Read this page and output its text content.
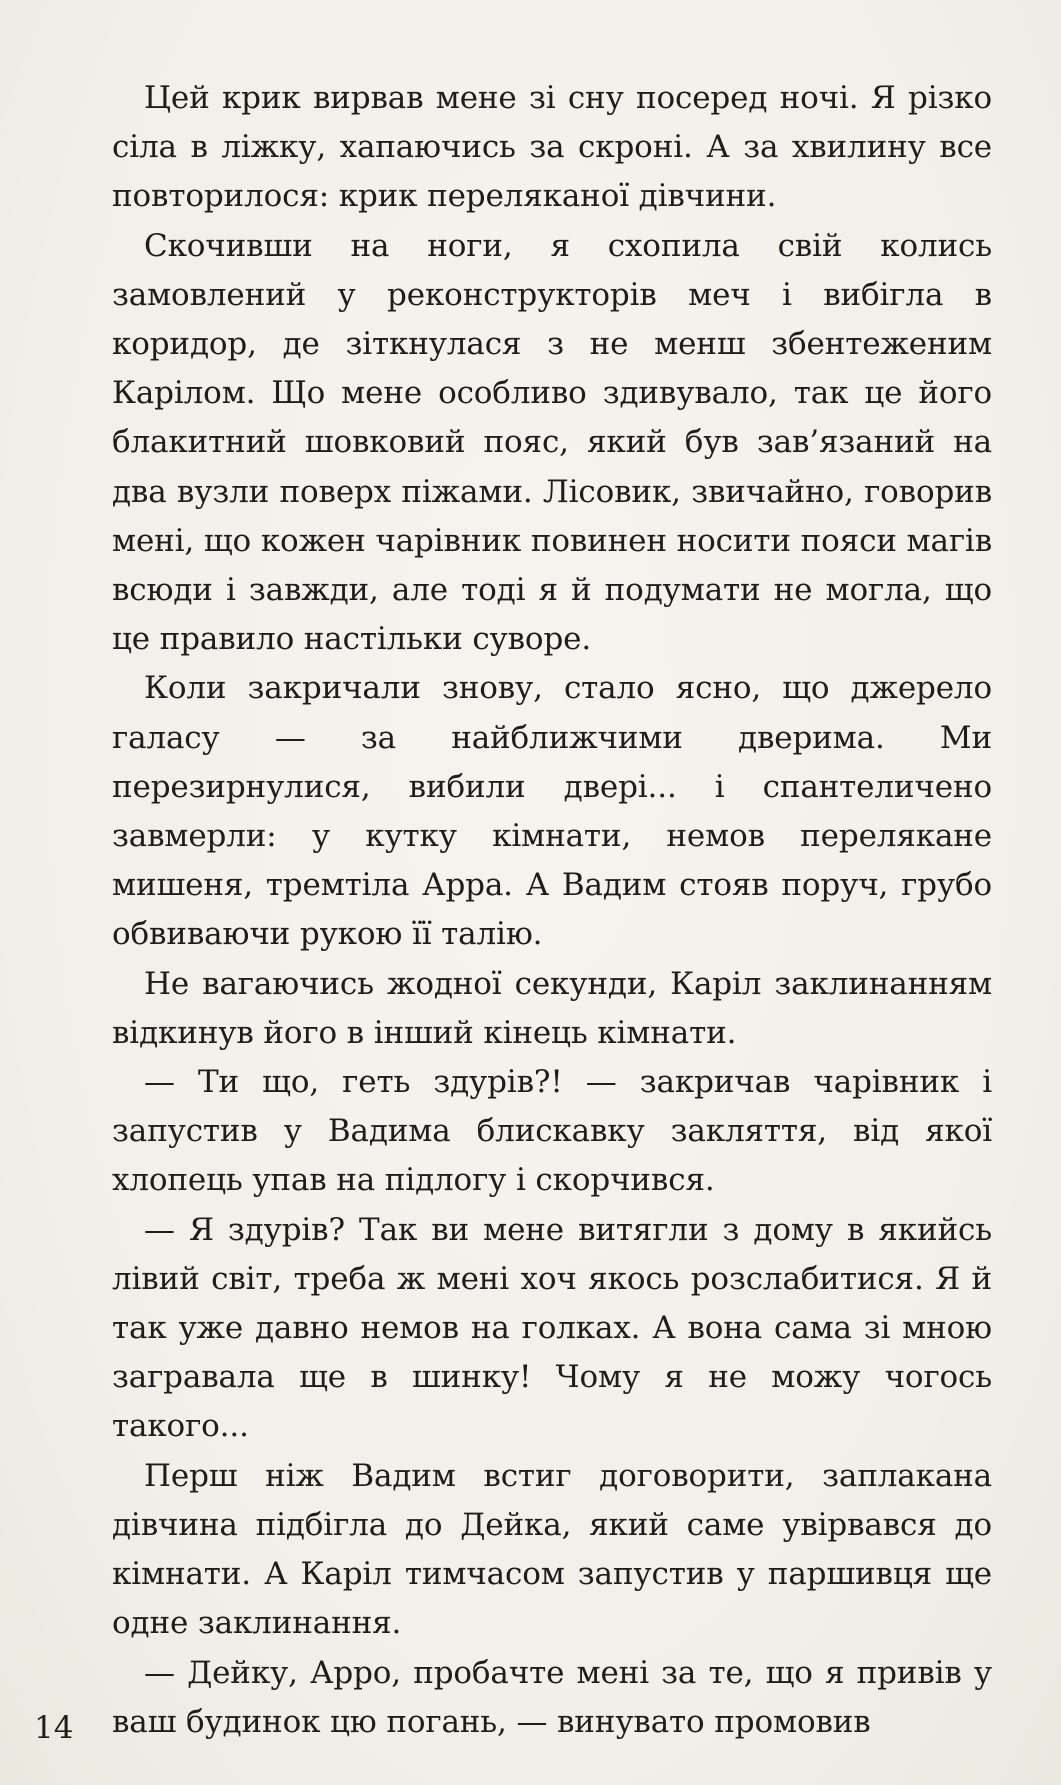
Цей крик вирвав мене зі сну посеред ночі. Я різко сіла в ліжку, хапаючись за скроні. А за хвилину все повторилося: крик переляканої дівчини.

Скочивши на ноги, я схопила свій колись замовлений у реконструкторів меч і вибігла в коридор, де зіткнулася з не менш збентеженим Карілом. Що мене особливо здивувало, так це його блакитний шовковий пояс, який був зав’язаний на два вузли поверх піжами. Лісовик, звичайно, говорив мені, що кожен чарівник повинен носити пояси магів всюди і завжди, але тоді я й подумати не могла, що це правило настільки суворе.

Коли закричали знову, стало ясно, що джерело галасу — за найближчими дверима. Ми перезирнулися, вибили двері... і спантеличено завмерли: у кутку кімнати, немов перелякане мишеня, тремтіла Арра. А Вадим стояв поруч, грубо обвиваючи рукою її талію.

Не вагаючись жодної секунди, Каріл заклинанням відкинув його в інший кінець кімнати.

— Ти що, геть здурів?! — закричав чарівник і запустив у Вадима блискавку закляття, від якої хлопець упав на підлогу і скорчився.

— Я здурів? Так ви мене витягли з дому в якийсь лівий світ, треба ж мені хоч якось розслабитися. Я й так уже давно немов на голках. А вона сама зі мною загравала ще в шинку! Чому я не можу чогось такого...

Перш ніж Вадим встиг договорити, заплакана дівчина підбігла до Дейка, який саме увірвався до кімнати. А Каріл тимчасом запустив у паршивця ще одне заклинання.

— Дейку, Арро, пробачте мені за те, що я привів у ваш будинок цю погань, — винувато промовив

14
